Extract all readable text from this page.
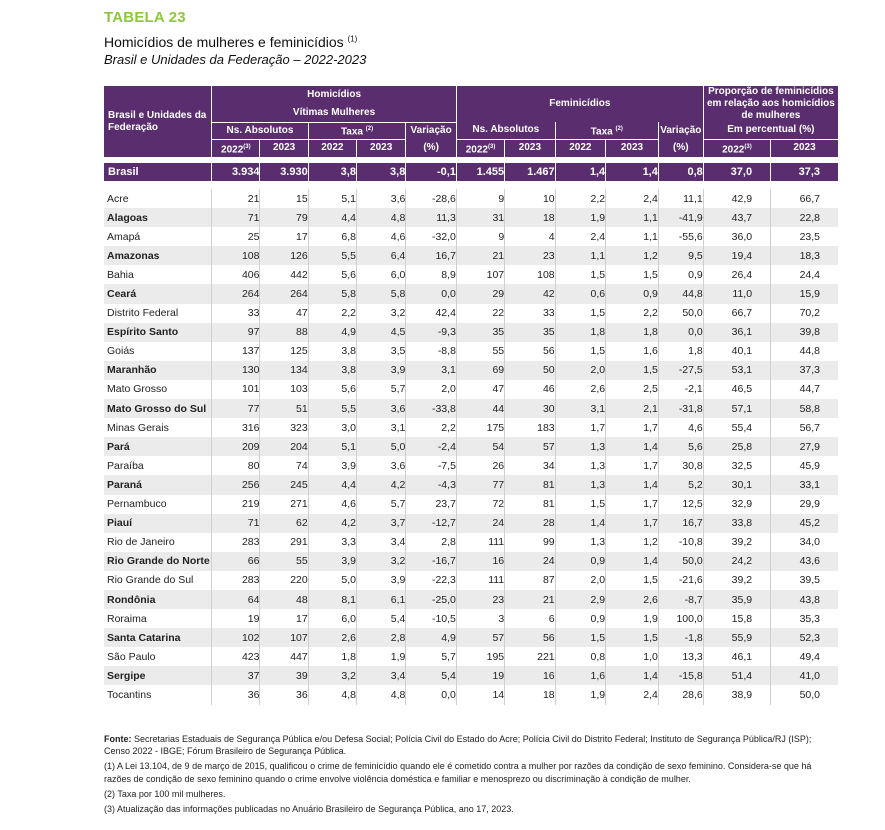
TABELA 23
Homicídios de mulheres e feminicídios $^{(1)}$
Brasil e Unidades da Federação – 2022-2023
Brasil e Unidades da Federação	Homicídios					Feminicídios					Proporção de feminicídios em relação aos homicídios de mulheres	
	Vítimas Mulheres											
	Ns. Absolutos		Taxa $^{(2)}$		Variação	Ns. Absolutos		Taxa $^{(2)}$		Variação	Em percentual (%)	
	2022$^{(3)}$	2023	2022	2023	(%)	2022$^{(3)}$	2023	2022	2023	(%)	2022$^{(3)}$	2023

Brasil	3.934	3.930	3,8	3,8	-0,1	1.455	1.467	1,4	1,4	0,8	37,0	37,3

Acre	21	15	5,1	3,6	-28,6	9	10	2,2	2,4	11,1	42,9	66,7
Alagoas	71	79	4,4	4,8	11,3	31	18	1,9	1,1	-41,9	43,7	22,8
Amapá	25	17	6,8	4,6	-32,0	9	4	2,4	1,1	-55,6	36,0	23,5
Amazonas	108	126	5,5	6,4	16,7	21	23	1,1	1,2	9,5	19,4	18,3
Bahia	406	442	5,6	6,0	8,9	107	108	1,5	1,5	0,9	26,4	24,4
Ceará	264	264	5,8	5,8	0,0	29	42	0,6	0,9	44,8	11,0	15,9
Distrito Federal	33	47	2,2	3,2	42,4	22	33	1,5	2,2	50,0	66,7	70,2
Espírito Santo	97	88	4,9	4,5	-9,3	35	35	1,8	1,8	0,0	36,1	39,8
Goiás	137	125	3,8	3,5	-8,8	55	56	1,5	1,6	1,8	40,1	44,8
Maranhão	130	134	3,8	3,9	3,1	69	50	2,0	1,5	-27,5	53,1	37,3
Mato Grosso	101	103	5,6	5,7	2,0	47	46	2,6	2,5	-2,1	46,5	44,7
Mato Grosso do Sul	77	51	5,5	3,6	-33,8	44	30	3,1	2,1	-31,8	57,1	58,8
Minas Gerais	316	323	3,0	3,1	2,2	175	183	1,7	1,7	4,6	55,4	56,7
Pará	209	204	5,1	5,0	-2,4	54	57	1,3	1,4	5,6	25,8	27,9
Paraíba	80	74	3,9	3,6	-7,5	26	34	1,3	1,7	30,8	32,5	45,9
Paraná	256	245	4,4	4,2	-4,3	77	81	1,3	1,4	5,2	30,1	33,1
Pernambuco	219	271	4,6	5,7	23,7	72	81	1,5	1,7	12,5	32,9	29,9
Piauí	71	62	4,2	3,7	-12,7	24	28	1,4	1,7	16,7	33,8	45,2
Rio de Janeiro	283	291	3,3	3,4	2,8	111	99	1,3	1,2	-10,8	39,2	34,0
Rio Grande do Norte	66	55	3,9	3,2	-16,7	16	24	0,9	1,4	50,0	24,2	43,6
Rio Grande do Sul	283	220	5,0	3,9	-22,3	111	87	2,0	1,5	-21,6	39,2	39,5
Rondônia	64	48	8,1	6,1	-25,0	23	21	2,9	2,6	-8,7	35,9	43,8
Roraima	19	17	6,0	5,4	-10,5	3	6	0,9	1,9	100,0	15,8	35,3
Santa Catarina	102	107	2,6	2,8	4,9	57	56	1,5	1,5	-1,8	55,9	52,3
São Paulo	423	447	1,8	1,9	5,7	195	221	0,8	1,0	13,3	46,1	49,4
Sergipe	37	39	3,2	3,4	5,4	19	16	1,6	1,4	-15,8	51,4	41,0
Tocantins	36	36	4,8	4,8	0,0	14	18	1,9	2,4	28,6	38,9	50,0

Fonte: Secretarias Estaduais de Segurança Pública e/ou Defesa Social; Polícia Civil do Estado do Acre; Polícia Civil do Distrito Federal; Instituto de Segurança Pública/RJ (ISP); Censo 2022 - IBGE; Fórum Brasileiro de Segurança Pública.

(1) A Lei 13.104, de 9 de março de 2015, qualificou o crime de feminicídio quando ele é cometido contra a mulher por razões da condição de sexo feminino. Considera-se que há razões de condição de sexo feminino quando o crime envolve violência doméstica e familiar e menosprezo ou discriminação à condição de mulher.

(2) Taxa por 100 mil mulheres.

(3) Atualização das informações publicadas no Anuário Brasileiro de Segurança Pública, ano 17, 2023.
